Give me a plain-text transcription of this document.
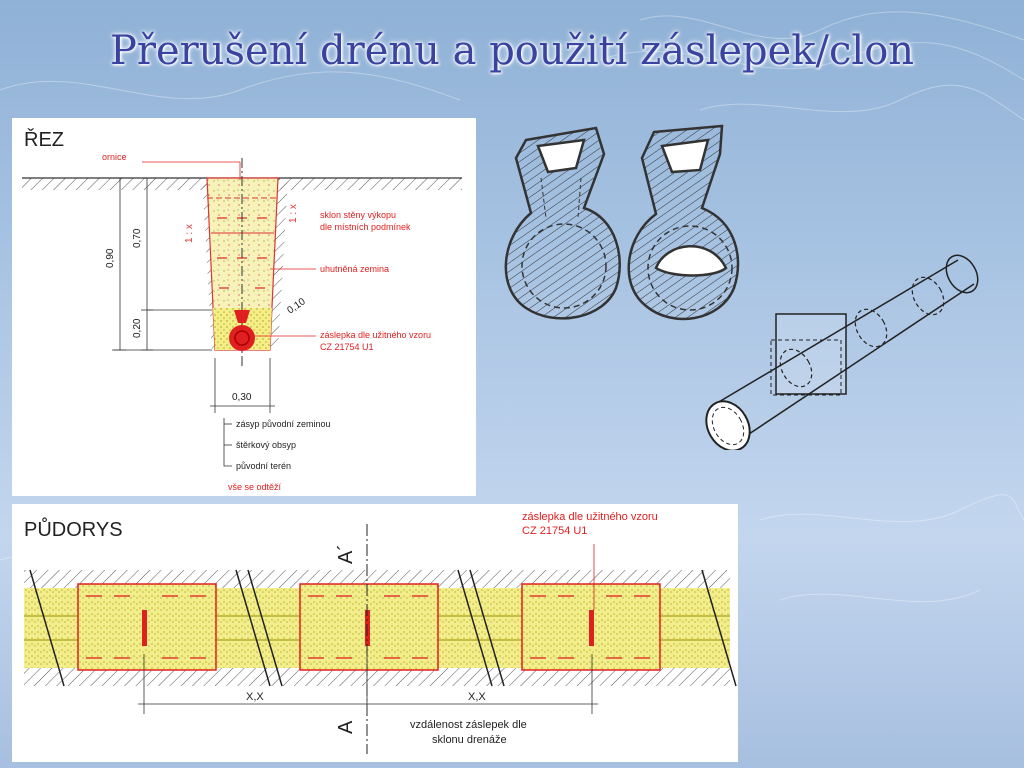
Přerušení drénu a použití záslepek/clon
ŘEZ
0,90
0,70
0,20
0,10
1 : x
1 : x
0,30
ornice
sklon stěny výkopu
dle místních podmínek
uhutněná zemina
záslepka dle užitného vzoru
CZ 21754 U1
zásyp původní zeminou
štěrkový obsyp
původní terén
vše se odtěží
PŮDORYS
záslepka dle užitného vzoru
CZ 21754 U1
A´
A
X,X	X,X
vzdálenost záslepek dle
sklonu drenáže
